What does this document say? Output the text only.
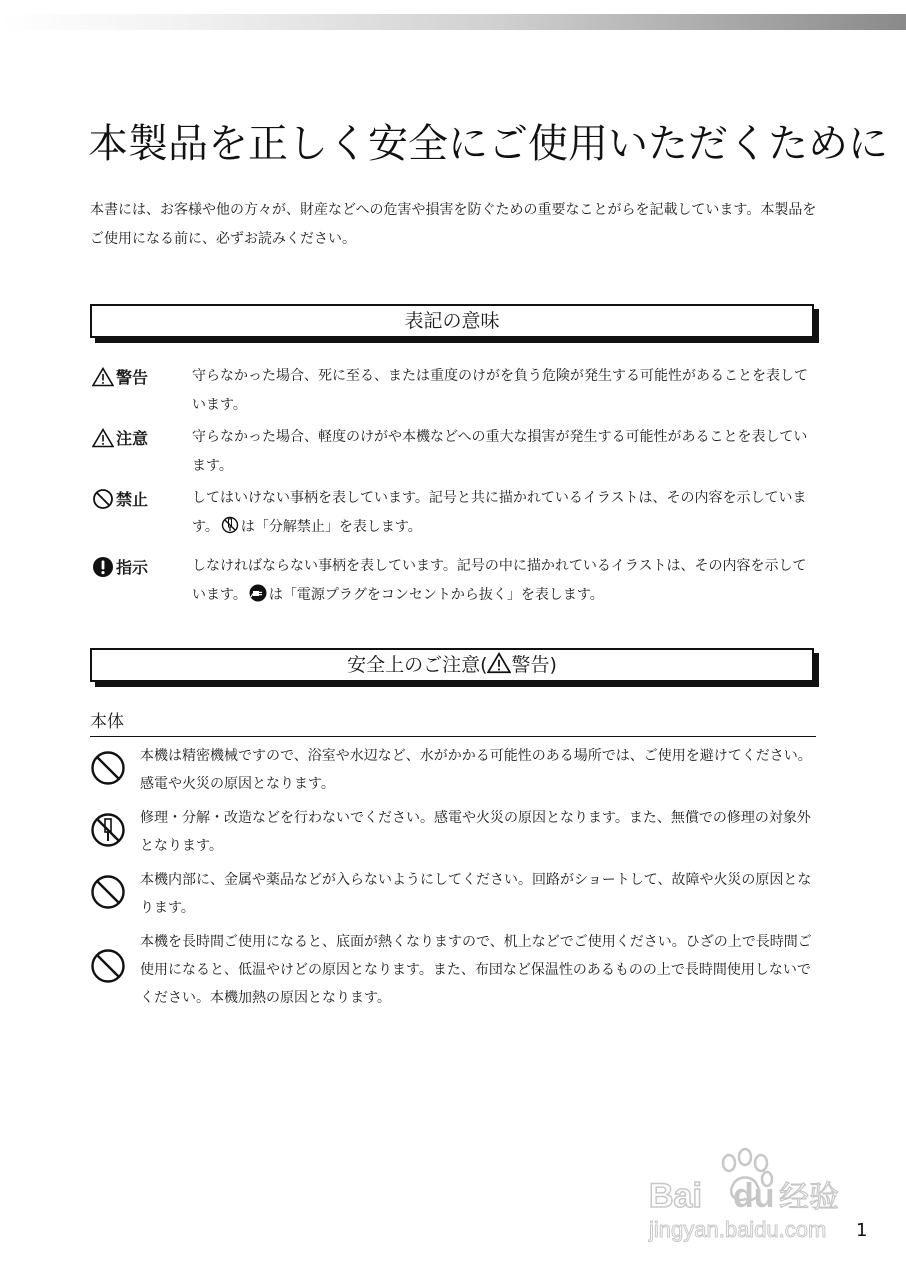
本製品を正しく安全にご使用いただくために

本書には、お客様や他の方々が、財産などへの危害や損害を防ぐための重要なことがらを記載しています。本製品をご使用になる前に、必ずお読みください。

表記の意味
警告	守らなかった場合、死に至る、または重度のけがを負う危険が発生する可能性があることを表しています。

注意	守らなかった場合、軽度のけがや本機などへの重大な損害が発生する可能性があることを表しています。

禁止	してはいけない事柄を表しています。記号と共に描かれているイラストは、その内容を示しています。 は「分解禁止」を表します。

指示	しなければならない事柄を表しています。記号の中に描かれているイラストは、その内容を示しています。 は「電源プラグをコンセントから抜く」を表します。

安全上のご注意( 警告)
本体

本機は精密機械ですので、浴室や水辺など、水がかかる可能性のある場所では、ご使用を避けてください。感電や火災の原因となります。

修理・分解・改造などを行わないでください。感電や火災の原因となります。また、無償での修理の対象外となります。

本機内部に、金属や薬品などが入らないようにしてください。回路がショートして、故障や火災の原因となります。

本機を長時間ご使用になると、底面が熱くなりますので、机上などでご使用ください。ひざの上で長時間ご使用になると、低温やけどの原因となります。また、布団など保温性のあるものの上で長時間使用しないでください。本機加熱の原因となります。

Bai du 经验
jingyan.baidu.com 1
